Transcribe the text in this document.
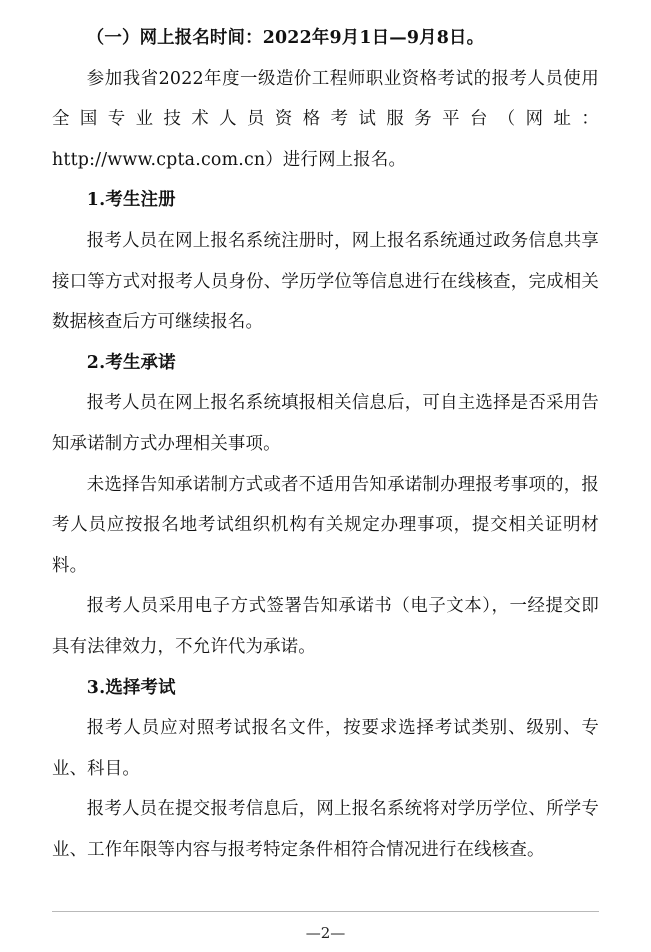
（一）网上报名时间：2022年9月1日—9月8日。

参加我省2022年度一级造价工程师职业资格考试的报考人员使用全国专业技术人员资格考试服务平台（网址：http://www.cpta.com.cn）进行网上报名。

1.考生注册

报考人员在网上报名系统注册时，网上报名系统通过政务信息共享接口等方式对报考人员身份、学历学位等信息进行在线核查，完成相关数据核查后方可继续报名。

2.考生承诺

报考人员在网上报名系统填报相关信息后，可自主选择是否采用告知承诺制方式办理相关事项。

未选择告知承诺制方式或者不适用告知承诺制办理报考事项的，报考人员应按报名地考试组织机构有关规定办理事项，提交相关证明材料。

报考人员采用电子方式签署告知承诺书（电子文本），一经提交即具有法律效力，不允许代为承诺。

3.选择考试

报考人员应对照考试报名文件，按要求选择考试类别、级别、专业、科目。

报考人员在提交报考信息后，网上报名系统将对学历学位、所学专业、工作年限等内容与报考特定条件相符合情况进行在线核查。

—2—
